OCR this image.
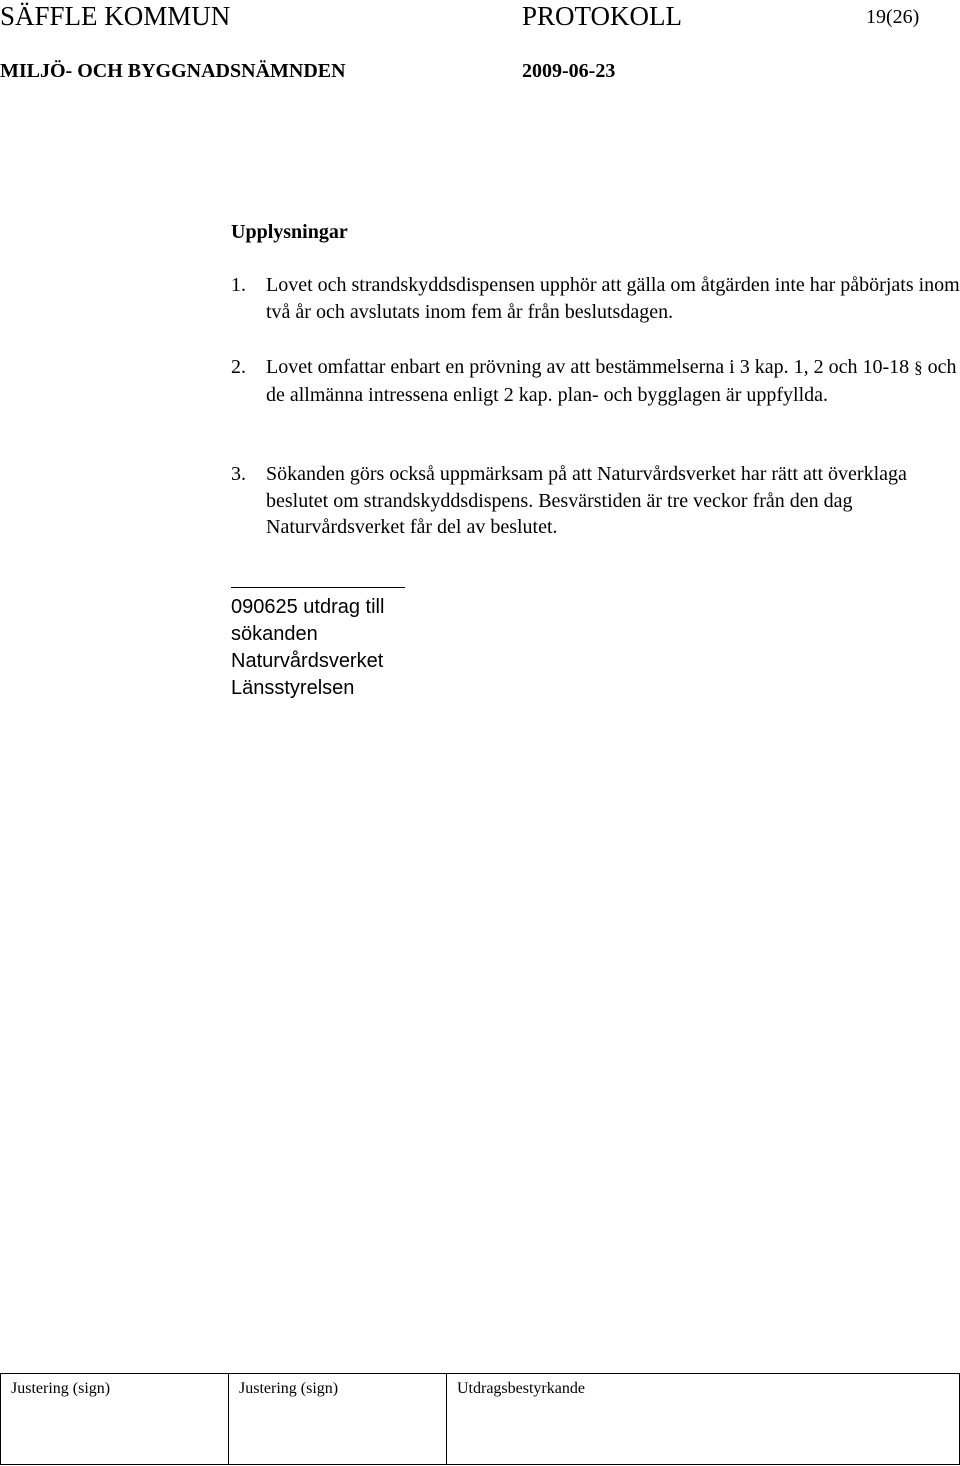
SÄFFLE KOMMUN	PROTOKOLL	19(26)
MILJÖ- OCH BYGGNADSNÄMNDEN	2009-06-23
Upplysningar
1. Lovet och strandskyddsdispensen upphör att gälla om åtgärden inte har påbörjats inom två år och avslutats inom fem år från beslutsdagen.
2. Lovet omfattar enbart en prövning av att bestämmelserna i 3 kap. 1, 2 och 10-18 § och de allmänna intressena enligt 2 kap. plan- och bygglagen är uppfyllda.
3. Sökanden görs också uppmärksam på att Naturvårdsverket har rätt att överklaga beslutet om strandskyddsdispens. Besvärstiden är tre veckor från den dag Naturvårdsverket får del av beslutet.
090625 utdrag till
sökanden
Naturvårdsverket
Länsstyrelsen
Justering (sign)	Justering (sign)	Utdragsbestyrkande
